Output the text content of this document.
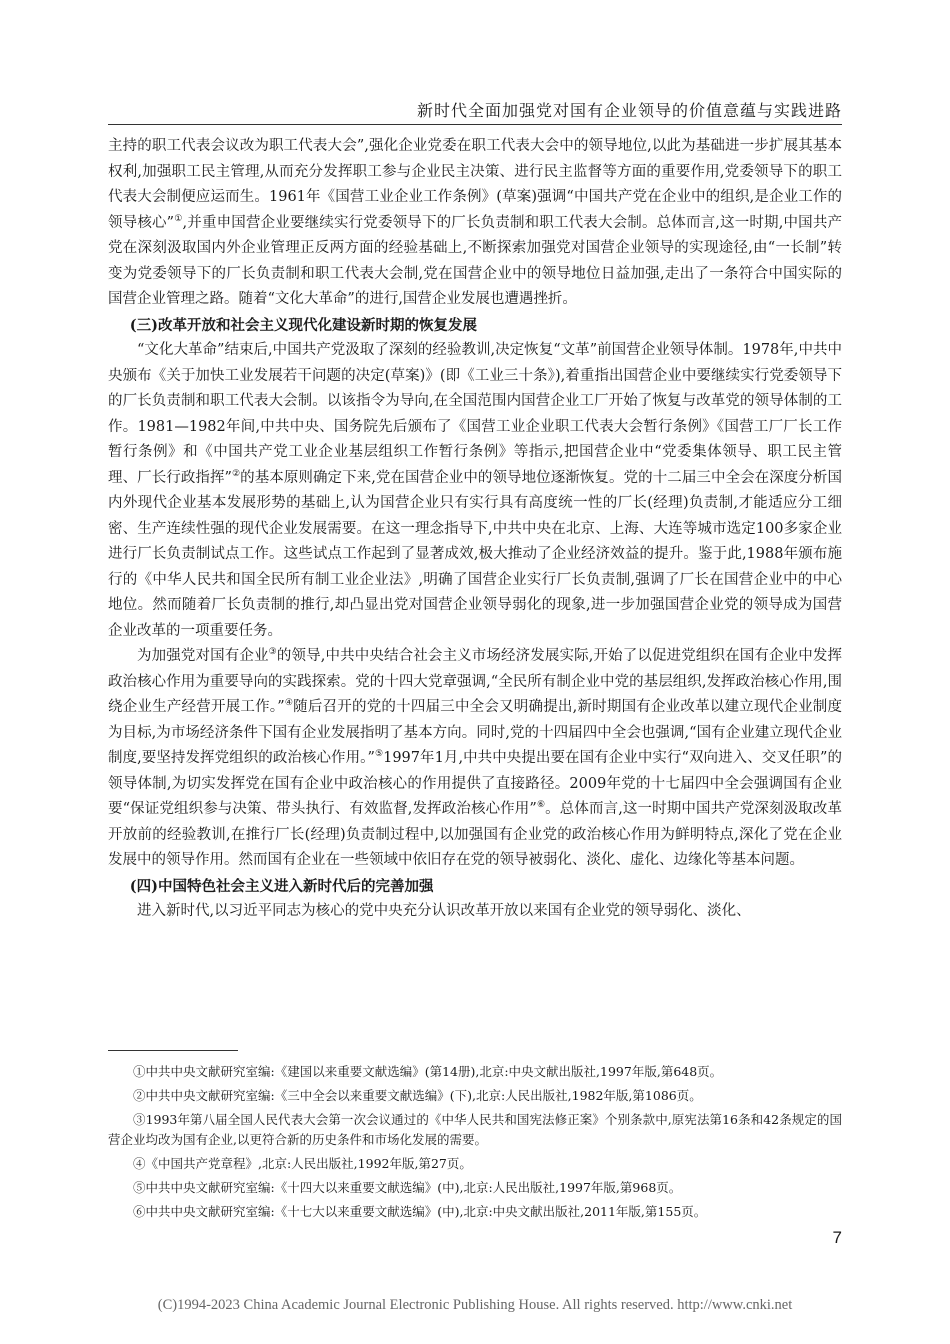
新时代全面加强党对国有企业领导的价值意蕴与实践进路

主持的职工代表会议改为职工代表大会”,强化企业党委在职工代表大会中的领导地位,以此为基础进一步扩展其基本权利,加强职工民主管理,从而充分发挥职工参与企业民主决策、进行民主监督等方面的重要作用,党委领导下的职工代表大会制便应运而生。1961年《国营工业企业工作条例》(草案)强调“中国共产党在企业中的组织,是企业工作的领导核心”①,并重申国营企业要继续实行党委领导下的厂长负责制和职工代表大会制。总体而言,这一时期,中国共产党在深刻汲取国内外企业管理正反两方面的经验基础上,不断探索加强党对国营企业领导的实现途径,由“一长制”转变为党委领导下的厂长负责制和职工代表大会制,党在国营企业中的领导地位日益加强,走出了一条符合中国实际的国营企业管理之路。随着“文化大革命”的进行,国营企业发展也遭遇挫折。

(三)改革开放和社会主义现代化建设新时期的恢复发展

“文化大革命”结束后,中国共产党汲取了深刻的经验教训,决定恢复“文革”前国营企业领导体制。1978年,中共中央颁布《关于加快工业发展若干问题的决定(草案)》(即《工业三十条》),着重指出国营企业中要继续实行党委领导下的厂长负责制和职工代表大会制。以该指令为导向,在全国范围内国营企业工厂开始了恢复与改革党的领导体制的工作。1981—1982年间,中共中央、国务院先后颁布了《国营工业企业职工代表大会暂行条例》《国营工厂厂长工作暂行条例》和《中国共产党工业企业基层组织工作暂行条例》等指示,把国营企业中“党委集体领导、职工民主管理、厂长行政指挥”②的基本原则确定下来,党在国营企业中的领导地位逐渐恢复。党的十二届三中全会在深度分析国内外现代企业基本发展形势的基础上,认为国营企业只有实行具有高度统一性的厂长(经理)负责制,才能适应分工细密、生产连续性强的现代企业发展需要。在这一理念指导下,中共中央在北京、上海、大连等城市选定100多家企业进行厂长负责制试点工作。这些试点工作起到了显著成效,极大推动了企业经济效益的提升。鉴于此,1988年颁布施行的《中华人民共和国全民所有制工业企业法》,明确了国营企业实行厂长负责制,强调了厂长在国营企业中的中心地位。然而随着厂长负责制的推行,却凸显出党对国营企业领导弱化的现象,进一步加强国营企业党的领导成为国营企业改革的一项重要任务。

为加强党对国有企业③的领导,中共中央结合社会主义市场经济发展实际,开始了以促进党组织在国有企业中发挥政治核心作用为重要导向的实践探索。党的十四大党章强调,“全民所有制企业中党的基层组织,发挥政治核心作用,围绕企业生产经营开展工作。”④随后召开的党的十四届三中全会又明确提出,新时期国有企业改革以建立现代企业制度为目标,为市场经济条件下国有企业发展指明了基本方向。同时,党的十四届四中全会也强调,“国有企业建立现代企业制度,要坚持发挥党组织的政治核心作用。”⑤1997年1月,中共中央提出要在国有企业中实行“双向进入、交叉任职”的领导体制,为切实发挥党在国有企业中政治核心的作用提供了直接路径。2009年党的十七届四中全会强调国有企业要“保证党组织参与决策、带头执行、有效监督,发挥政治核心作用”⑥。总体而言,这一时期中国共产党深刻汲取改革开放前的经验教训,在推行厂长(经理)负责制过程中,以加强国有企业党的政治核心作用为鲜明特点,深化了党在企业发展中的领导作用。然而国有企业在一些领域中依旧存在党的领导被弱化、淡化、虚化、边缘化等基本问题。

(四)中国特色社会主义进入新时代后的完善加强

进入新时代,以习近平同志为核心的党中央充分认识改革开放以来国有企业党的领导弱化、淡化、

①中共中央文献研究室编:《建国以来重要文献选编》(第14册),北京:中央文献出版社,1997年版,第648页。
②中共中央文献研究室编:《三中全会以来重要文献选编》(下),北京:人民出版社,1982年版,第1086页。
③1993年第八届全国人民代表大会第一次会议通过的《中华人民共和国宪法修正案》个别条款中,原宪法第16条和42条规定的国营企业均改为国有企业,以更符合新的历史条件和市场化发展的需要。
④《中国共产党章程》,北京:人民出版社,1992年版,第27页。
⑤中共中央文献研究室编:《十四大以来重要文献选编》(中),北京:人民出版社,1997年版,第968页。
⑥中共中央文献研究室编:《十七大以来重要文献选编》(中),北京:中央文献出版社,2011年版,第155页。
7
(C)1994-2023 China Academic Journal Electronic Publishing House. All rights reserved. http://www.cnki.net
